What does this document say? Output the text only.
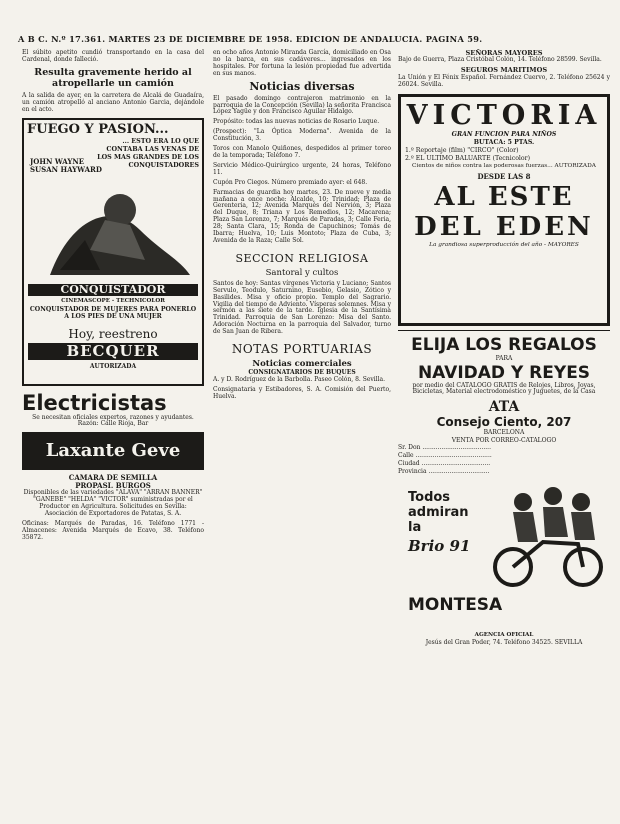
A B C. N.º 17.361. MARTES 23 DE DICIEMBRE DE 1958. EDICION DE ANDALUCIA. PAGINA 59.

El súbito apetito cundió transportando en la casa del Cardenal, donde falleció.

Resulta gravemente herido al atropellarle un camión

A la salida de ayer, en la carretera de Alcalá de Guadaíra, un camión atropelló al anciano Antonio Garcia, dejándole en el acto.

FUEGO Y PASION...
... ESTO ERA LO QUE CONTABA LAS VENAS DE LOS MAS GRANDES DE LOS CONQUISTADORES
JOHN WAYNE
SUSAN HAYWARD
CONQUISTADOR
CINEMASCOPE - TECHNICOLOR
CONQUISTADOR DE MUJERES PARA PONERLO A LOS PIES DE UNA MUJER
Hoy, reestreno
BECQUER
AUTORIZADA
Electricistas

Se necesitan oficiales expertos, razones y ayudantes. Razón: Calle Rioja, Bar

Laxante Geve
CAMARA DE SEMILLA
PROPASI. BURGOS

Disponibles de las variedades "ALAVA" "ARRAN BANNER" "GANEBE" "HELDA" "VICTOR" suministradas por el Productor en Agricultura. Solicitudes en Sevilla: Asociación de Exportadores de Patatas, S. A.

Oficinas: Marqués de Paradas, 16. Teléfono 1771 - Almacenes: Avenida Marqués de Ecavo, 38. Teléfono 35872.

en ocho años Antonio Miranda García, domiciliado en Osa no la barca, en sus cadáveres... ingresados en los hospitales. Por fortuna la lesión propiedad fue advertida en sus manos.

Noticias diversas

El pasado domingo contrajeron matrimonio en la parroquia de la Concepción (Sevilla) la señorita Francisca López Yagüe y don Francisco Aguilar Hidalgo.

Propósito: todas las nuevas noticias de Rosario Luque.

(Prospect): "La Óptica Moderna". Avenida de la Constitución, 3.

Toros con Manolo Quiñones, despedidos al primer toreo de la temporada; Teléfono 7.

Servicio Médico-Quirúrgico urgente, 24 horas, Teléfono 11.

Cupón Pro Ciegos. Número premiado ayer: el 648.

Farmacias de guardia hoy martes, 23. De nueve y media mañana a once noche: Alcalde, 10; Trinidad; Plaza de Gerenteria, 12; Avenida Marqués del Nervión, 3; Plaza del Duque, 8; Triana y Los Remedios, 12; Macarena; Plaza San Lorenzo, 7; Marqués de Paradas, 3; Calle Feria, 28; Santa Clara, 15; Ronda de Capuchinos; Tomás de Ibarra; Huelva, 10; Luis Montoto; Plaza de Cuba, 3; Avenida de la Raza; Calle Sol.

SECCION RELIGIOSA
Santoral y cultos

Santos de hoy: Santas vírgenes Victoria y Luciano; Santos Servulo, Teodulo, Saturnino, Eusebio, Gelasio, Zótico y Basilides. Misa y oficio propio. Templo del Sagrario. Vigilia del tiempo de Adviento. Vísperas solemnes. Misa y sermón a las siete de la tarde. Iglesia de la Santísima Trinidad. Parroquia de San Lorenzo: Misa del Santo. Adoración Nocturna en la parroquia del Salvador, turno de San Juan de Ribera.

NOTAS PORTUARIAS
Noticias comerciales
CONSIGNATARIOS DE BUQUES

A. y D. Rodríguez de la Barbolla. Paseo Colón, 8. Sevilla.

Consignataria y Estibadores, S. A. Comisión del Puerto, Huelva.

SEÑORAS MAYORES

Bajo de Guerra, Plaza Cristóbal Colón, 14. Teléfono 28599. Sevilla.

SEGUROS MARITIMOS

La Unión y El Fénix Español. Fernández Cuervo, 2. Teléfono 25624 y 26024. Sevilla.

VICTORIA
GRAN FUNCION PARA NIÑOS
BUTACA: 5 PTAS.
1.º Reportaje (film) "CIRCO" (Color)
2.º EL ULTIMO BALUARTE (Tecnicolor)
Cientos de niños contra las poderosas fuerzas... AUTORIZADA
DESDE LAS 8
AL ESTE
DEL EDEN
La grandiosa superproducción del año - MAYORES
ELIJA LOS REGALOS
PARA
NAVIDAD Y REYES

por medio del CATALOGO GRATIS de Relojes, Libros, Joyas, Bicicletas, Material electrodoméstico y Juguetes, de la Casa

ATA
Consejo Ciento, 207
BARCELONA
VENTA POR CORREO-CATALOGO
Sr. Don ....................................
Calle ........................................
Ciudad ....................................
Provincia ................................
Todos
admiran
la
Brio 91
MONTESA
AGENCIA OFICIAL
Jesús del Gran Poder, 74. Teléfono 34525. SEVILLA
